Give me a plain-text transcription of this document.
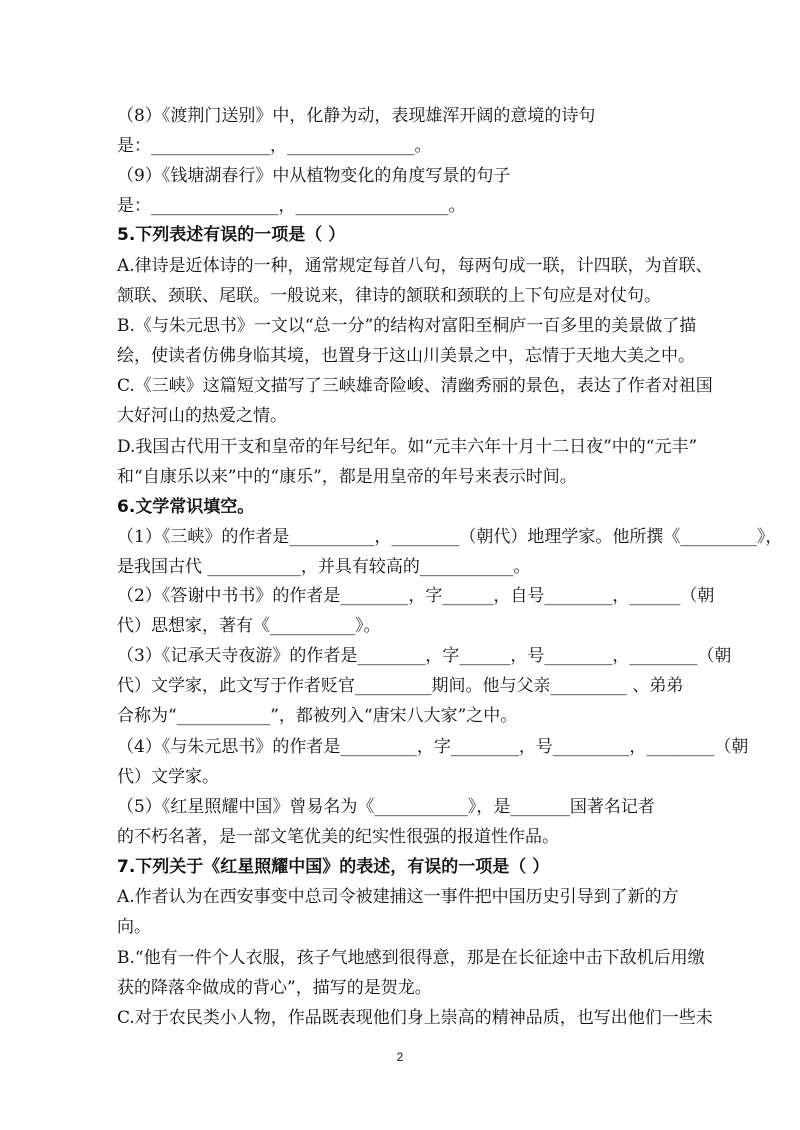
（8）《渡荆门送别》中，化静为动，表现雄浑开阔的意境的诗句
是：______________，_______________。
（9）《钱塘湖春行》中从植物变化的角度写景的句子
是：_______________，__________________。
5.下列表述有误的一项是（ ）
A.律诗是近体诗的一种，通常规定每首八句，每两句成一联，计四联，为首联、
颔联、颈联、尾联。一般说来，律诗的颔联和颈联的上下句应是对仗句。
B.《与朱元思书》一文以“总一分”的结构对富阳至桐庐一百多里的美景做了描
绘，使读者仿佛身临其境，也置身于这山川美景之中，忘情于天地大美之中。
C.《三峡》这篇短文描写了三峡雄奇险峻、清幽秀丽的景色，表达了作者对祖国
大好河山的热爱之情。
D.我国古代用干支和皇帝的年号纪年。如“元丰六年十月十二日夜”中的“元丰”
和“自康乐以来”中的“康乐”，都是用皇帝的年号来表示时间。
6.文学常识填空。
（1）《三峡》的作者是__________，________（朝代）地理学家。他所撰《_________》，
是我国古代 ___________，并具有较高的___________。
（2）《答谢中书书》的作者是________，字______，自号________，______（朝
代）思想家，著有《__________》。
（3）《记承天寺夜游》的作者是________，字______，号________，________（朝
代）文学家，此文写于作者贬官_________期间。他与父亲_________ 、弟弟
合称为“___________”，都被列入“唐宋八大家”之中。
（4）《与朱元思书》的作者是_________，字________，号_________，________（朝
代）文学家。
（5）《红星照耀中国》曾易名为《___________》，是_______国著名记者
的不朽名著，是一部文笔优美的纪实性很强的报道性作品。
7.下列关于《红星照耀中国》的表述，有误的一项是（ ）
A.作者认为在西安事变中总司令被建捕这一事件把中国历史引导到了新的方
向。
B.“他有一件个人衣服，孩子气地感到很得意，那是在长征途中击下敌机后用缴
获的降落伞做成的背心”，描写的是贺龙。
C.对于农民类小人物，作品既表现他们身上崇高的精神品质，也写出他们一些未
2
